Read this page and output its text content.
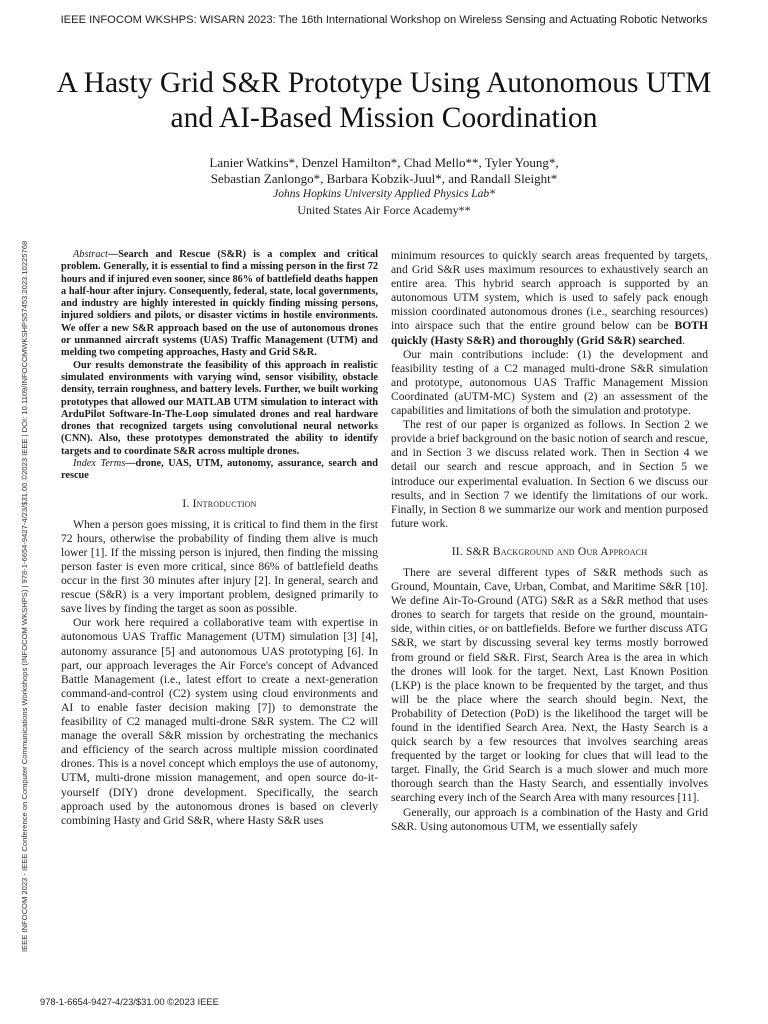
IEEE INFOCOM WKSHPS: WISARN 2023: The 16th International Workshop on Wireless Sensing and Actuating Robotic Networks
IEEE INFOCOM 2023 - IEEE Conference on Computer Communications Workshops (INFOCOM WKSHPS) | 978-1-6654-9427-4/23/$31.00 ©2023 IEEE | DOI: 10.1109/INFOCOMWKSHPS57453.2023.10225768
A Hasty Grid S&R Prototype Using Autonomous UTM and AI-Based Mission Coordination
Lanier Watkins*, Denzel Hamilton*, Chad Mello**, Tyler Young*,
Sebastian Zanlongo*, Barbara Kobzik-Juul*, and Randall Sleight*
Johns Hopkins University Applied Physics Lab*
United States Air Force Academy**

Abstract—Search and Rescue (S&R) is a complex and critical problem. Generally, it is essential to find a missing person in the first 72 hours and if injured even sooner, since 86% of battlefield deaths happen a half-hour after injury. Consequently, federal, state, local governments, and industry are highly interested in quickly finding missing persons, injured soldiers and pilots, or disaster victims in hostile environments. We offer a new S&R approach based on the use of autonomous drones or unmanned aircraft systems (UAS) Traffic Management (UTM) and melding two competing approaches, Hasty and Grid S&R.

Our results demonstrate the feasibility of this approach in realistic simulated environments with varying wind, sensor visibility, obstacle density, terrain roughness, and battery levels. Further, we built working prototypes that allowed our MATLAB UTM simulation to interact with ArduPilot Software-In-The-Loop simulated drones and real hardware drones that recognized targets using convolutional neural networks (CNN). Also, these prototypes demonstrated the ability to identify targets and to coordinate S&R across multiple drones.

Index Terms—drone, UAS, UTM, autonomy, assurance, search and rescue

I. Introduction

When a person goes missing, it is critical to find them in the first 72 hours, otherwise the probability of finding them alive is much lower [1]. If the missing person is injured, then finding the missing person faster is even more critical, since 86% of battlefield deaths occur in the first 30 minutes after injury [2]. In general, search and rescue (S&R) is a very important problem, designed primarily to save lives by finding the target as soon as possible.

Our work here required a collaborative team with expertise in autonomous UAS Traffic Management (UTM) simulation [3] [4], autonomy assurance [5] and autonomous UAS prototyping [6]. In part, our approach leverages the Air Force's concept of Advanced Battle Management (i.e., latest effort to create a next-generation command-and-control (C2) system using cloud environments and AI to enable faster decision making [7]) to demonstrate the feasibility of C2 managed multi-drone S&R system. The C2 will manage the overall S&R mission by orchestrating the mechanics and efficiency of the search across multiple mission coordinated drones. This is a novel concept which employs the use of autonomy, UTM, multi-drone mission management, and open source do-it-yourself (DIY) drone development. Specifically, the search approach used by the autonomous drones is based on cleverly combining Hasty and Grid S&R, where Hasty S&R uses

minimum resources to quickly search areas frequented by targets, and Grid S&R uses maximum resources to exhaustively search an entire area. This hybrid search approach is supported by an autonomous UTM system, which is used to safely pack enough mission coordinated autonomous drones (i.e., searching resources) into airspace such that the entire ground below can be BOTH quickly (Hasty S&R) and thoroughly (Grid S&R) searched.

Our main contributions include: (1) the development and feasibility testing of a C2 managed multi-drone S&R simulation and prototype, autonomous UAS Traffic Management Mission Coordinated (aUTM-MC) System and (2) an assessment of the capabilities and limitations of both the simulation and prototype.

The rest of our paper is organized as follows. In Section 2 we provide a brief background on the basic notion of search and rescue, and in Section 3 we discuss related work. Then in Section 4 we detail our search and rescue approach, and in Section 5 we introduce our experimental evaluation. In Section 6 we discuss our results, and in Section 7 we identify the limitations of our work. Finally, in Section 8 we summarize our work and mention purposed future work.

II. S&R Background and Our Approach

There are several different types of S&R methods such as Ground, Mountain, Cave, Urban, Combat, and Maritime S&R [10]. We define Air-To-Ground (ATG) S&R as a S&R method that uses drones to search for targets that reside on the ground, mountain-side, within cities, or on battlefields. Before we further discuss ATG S&R, we start by discussing several key terms mostly borrowed from ground or field S&R. First, Search Area is the area in which the drones will look for the target. Next, Last Known Position (LKP) is the place known to be frequented by the target, and thus will be the place where the search should begin. Next, the Probability of Detection (PoD) is the likelihood the target will be found in the identified Search Area. Next, the Hasty Search is a quick search by a few resources that involves searching areas frequented by the target or looking for clues that will lead to the target. Finally, the Grid Search is a much slower and much more thorough search than the Hasty Search, and essentially involves searching every inch of the Search Area with many resources [11].

Generally, our approach is a combination of the Hasty and Grid S&R. Using autonomous UTM, we essentially safely

978-1-6654-9427-4/23/$31.00 ©2023 IEEE
